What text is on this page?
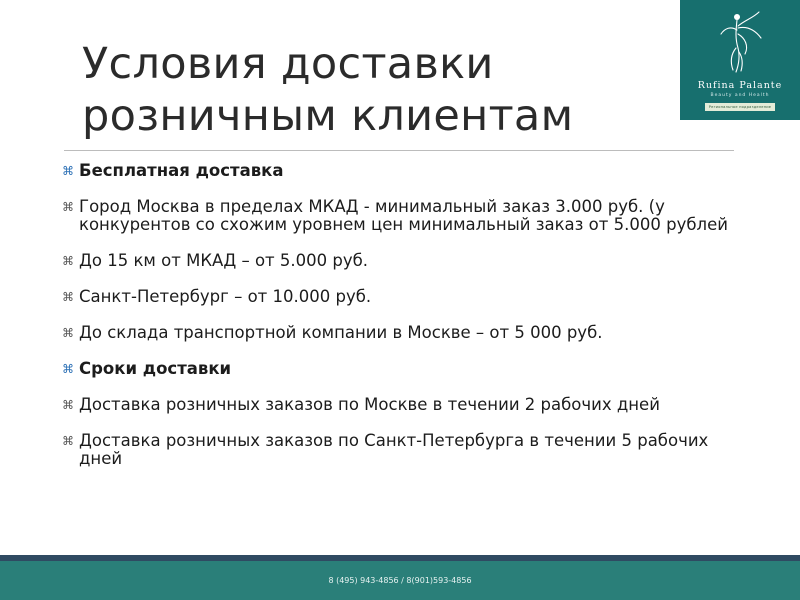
Условия доставки
розничным клиентам
Rufina Palante
Beauty and Health
Региональное подразделение
⌘ Бесплатная доставка
⌘ Город Москва в пределах МКАД - минимальный заказ 3.000 руб. (у конкурентов со схожим уровнем цен минимальный заказ от 5.000 рублей
⌘ До 15 км от МКАД – от 5.000 руб.
⌘ Санкт-Петербург – от 10.000 руб.
⌘ До склада транспортной компании в Москве – от 5 000 руб.
⌘ Сроки доставки
⌘ Доставка розничных заказов по Москве в течении 2 рабочих дней
⌘ Доставка розничных заказов по Санкт-Петербурга в течении 5 рабочих дней
8 (495) 943-4856 / 8(901)593-4856
